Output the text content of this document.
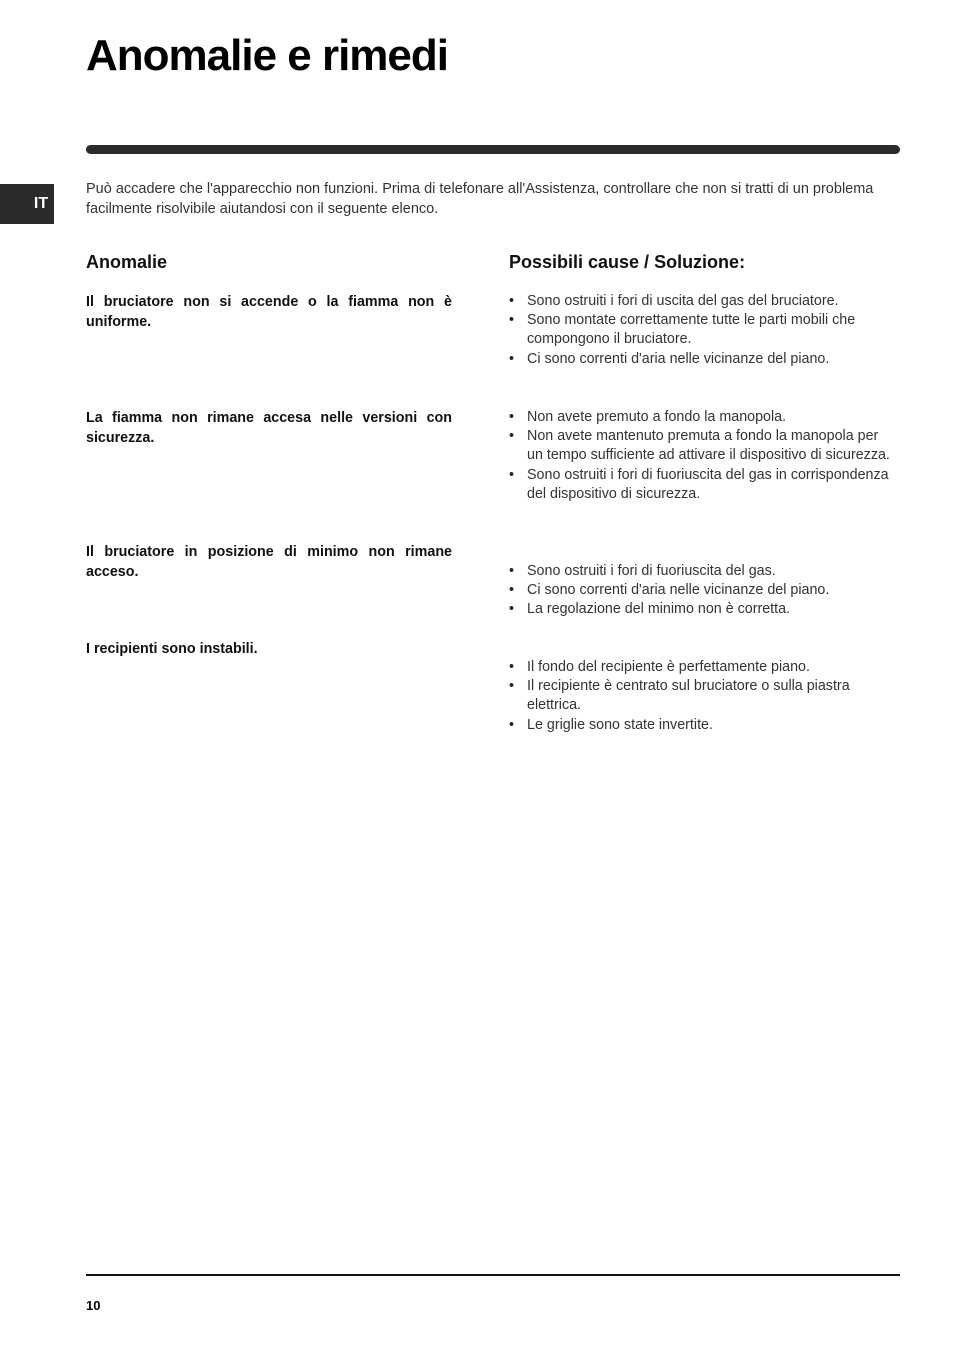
Anomalie e rimedi
IT

Può accadere che l'apparecchio non funzioni. Prima di telefonare all'Assistenza, controllare che non si tratti di un problema facilmente risolvibile aiutandosi con il seguente elenco.

Anomalie	Possibili cause / Soluzione:

Il bruciatore non si accende o la fiamma non è uniforme.

• Sono ostruiti i fori di uscita del gas del bruciatore.
• Sono montate correttamente tutte le parti mobili che compongono il bruciatore.
• Ci sono correnti d'aria nelle vicinanze del piano.

La fiamma non rimane accesa nelle versioni con sicurezza.

• Non avete premuto a fondo la manopola.
• Non avete mantenuto premuta a fondo la manopola per un tempo sufficiente ad attivare il dispositivo di sicurezza.
• Sono ostruiti i fori di fuoriuscita del gas in corrispondenza del dispositivo di sicurezza.

Il bruciatore in posizione di minimo non rimane acceso.

•	Sono ostruiti i fori di fuoriuscita del gas.
• Ci sono correnti d'aria nelle vicinanze del piano.
• La regolazione del minimo non è corretta.

I recipienti sono instabili.

• Il fondo del recipiente è perfettamente piano.
• Il recipiente è centrato sul bruciatore o sulla piastra elettrica.
• Le griglie sono state invertite.

10
